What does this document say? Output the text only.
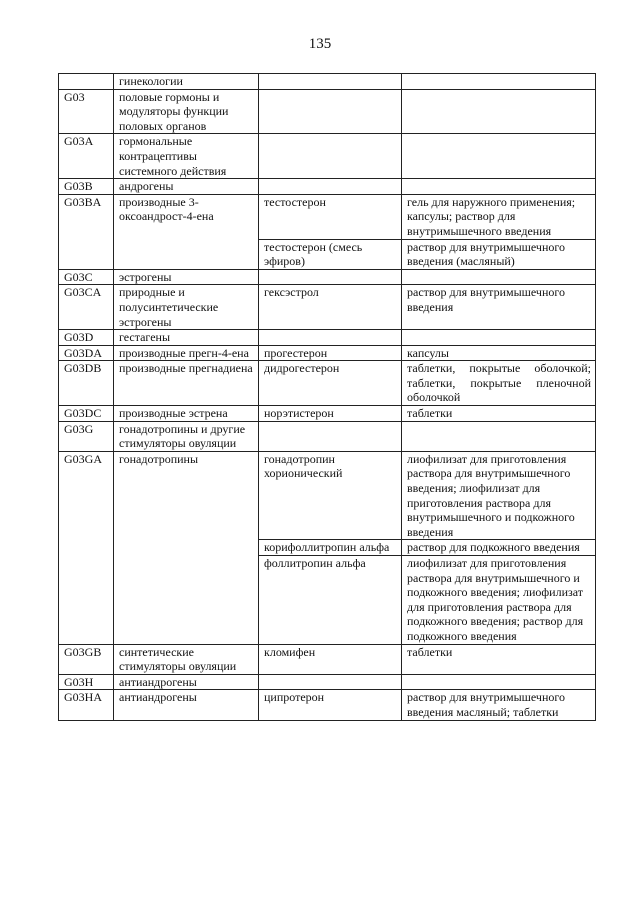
135
	гинекологии		
G03	половые гормоны и модуляторы функции половых органов		
G03A	гормональные контрацептивы системного действия		
G03B	андрогены		
G03BA	производные 3-оксоандрост-4-ена	тестостерон	гель для наружного применения; капсулы; раствор для внутримышечного введения
		тестостерон (смесь эфиров)	раствор для внутримышечного введения (масляный)
G03C	эстрогены		
G03CA	природные и полусинтетические эстрогены	гексэстрол	раствор для внутримышечного введения
G03D	гестагены		
G03DA	производные прегн-4-ена	прогестерон	капсулы
G03DB	производные прегнадиена	дидрогестерон	таблетки, покрытые оболочкой; таблетки, покрытые пленочной оболочкой
G03DC	производные эстрена	норэтистерон	таблетки
G03G	гонадотропины и другие стимуляторы овуляции		
G03GA	гонадотропины	гонадотропин хорионический	лиофилизат для приготовления раствора для внутримышечного введения; лиофилизат для приготовления раствора для внутримышечного и подкожного введения
		корифоллитропин альфа	раствор для подкожного введения
		фоллитропин альфа	лиофилизат для приготовления раствора для внутримышечного и подкожного введения; лиофилизат для приготовления раствора для подкожного введения; раствор для подкожного введения
G03GB	синтетические стимуляторы овуляции	кломифен	таблетки
G03H	антиандрогены		
G03HA	антиандрогены	ципротерон	раствор для внутримышечного введения масляный; таблетки
